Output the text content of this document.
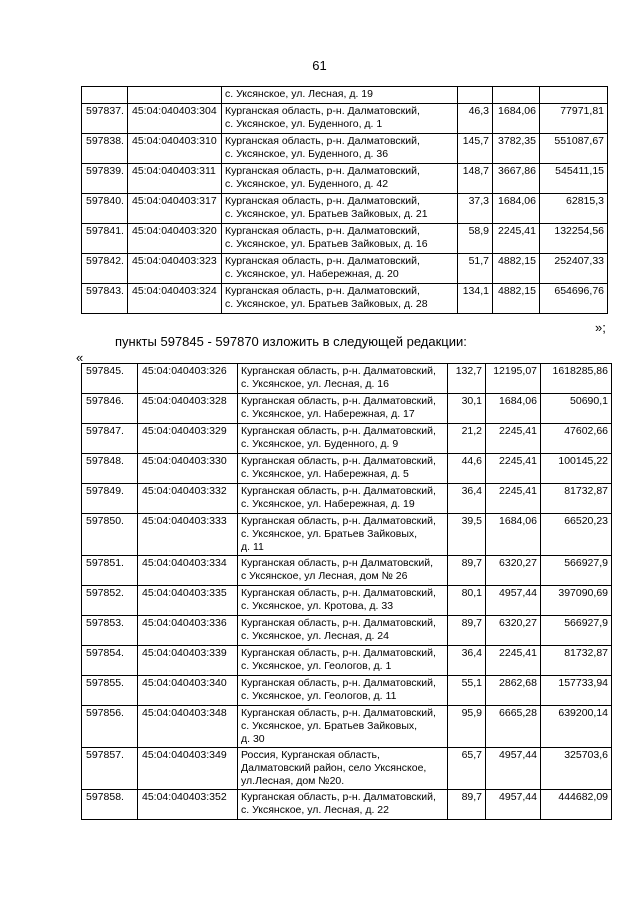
61

		с. Уксянское, ул. Лесная, д. 19			

597837.	45:04:040403:304	Курганская область, р-н. Далматовский,
с. Уксянское, ул. Буденного, д. 1	46,3	1684,06	77971,81
597838.	45:04:040403:310	Курганская область, р-н. Далматовский,
с. Уксянское, ул. Буденного, д. 36	145,7	3782,35	551087,67
597839.	45:04:040403:311	Курганская область, р-н. Далматовский,
с. Уксянское, ул. Буденного, д. 42	148,7	3667,86	545411,15
597840.	45:04:040403:317	Курганская область, р-н. Далматовский,
с. Уксянское, ул. Братьев Зайковых, д. 21	37,3	1684,06	62815,3
597841.	45:04:040403:320	Курганская область, р-н. Далматовский,
с. Уксянское, ул. Братьев Зайковых, д. 16	58,9	2245,41	132254,56
597842.	45:04:040403:323	Курганская область, р-н. Далматовский,
с. Уксянское, ул. Набережная, д. 20	51,7	4882,15	252407,33
597843.	45:04:040403:324	Курганская область, р-н. Далматовский,
с. Уксянское, ул. Братьев Зайковых, д. 28	134,1	4882,15	654696,76
»;
пункты 597845 - 597870 изложить в следующей редакции:
«
597845.	45:04:040403:326	Курганская область, р-н. Далматовский,
с. Уксянское, ул. Лесная, д. 16	132,7	12195,07	1618285,86
597846.	45:04:040403:328	Курганская область, р-н. Далматовский,
с. Уксянское, ул. Набережная, д. 17	30,1	1684,06	50690,1
597847.	45:04:040403:329	Курганская область, р-н. Далматовский,
с. Уксянское, ул. Буденного, д. 9	21,2	2245,41	47602,66
597848.	45:04:040403:330	Курганская область, р-н. Далматовский,
с. Уксянское, ул. Набережная, д. 5	44,6	2245,41	100145,22
597849.	45:04:040403:332	Курганская область, р-н. Далматовский,
с. Уксянское, ул. Набережная, д. 19	36,4	2245,41	81732,87
597850.	45:04:040403:333	Курганская область, р-н. Далматовский,
с. Уксянское, ул. Братьев Зайковых,
д. 11	39,5	1684,06	66520,23
597851.	45:04:040403:334	Курганская область, р-н Далматовский,
с Уксянское, ул Лесная, дом № 26	89,7	6320,27	566927,9
597852.	45:04:040403:335	Курганская область, р-н. Далматовский,
с. Уксянское, ул. Кротова, д. 33	80,1	4957,44	397090,69
597853.	45:04:040403:336	Курганская область, р-н. Далматовский,
с. Уксянское, ул. Лесная, д. 24	89,7	6320,27	566927,9
597854.	45:04:040403:339	Курганская область, р-н. Далматовский,
с. Уксянское, ул. Геологов, д. 1	36,4	2245,41	81732,87
597855.	45:04:040403:340	Курганская область, р-н. Далматовский,
с. Уксянское, ул. Геологов, д. 11	55,1	2862,68	157733,94
597856.	45:04:040403:348	Курганская область, р-н. Далматовский,
с. Уксянское, ул. Братьев Зайковых,
д. 30	95,9	6665,28	639200,14
597857.	45:04:040403:349	Россия, Курганская область,
Далматовский район, село Уксянское,
ул.Лесная, дом №20.	65,7	4957,44	325703,6
597858.	45:04:040403:352	Курганская область, р-н. Далматовский,
с. Уксянское, ул. Лесная, д. 22	89,7	4957,44	444682,09
